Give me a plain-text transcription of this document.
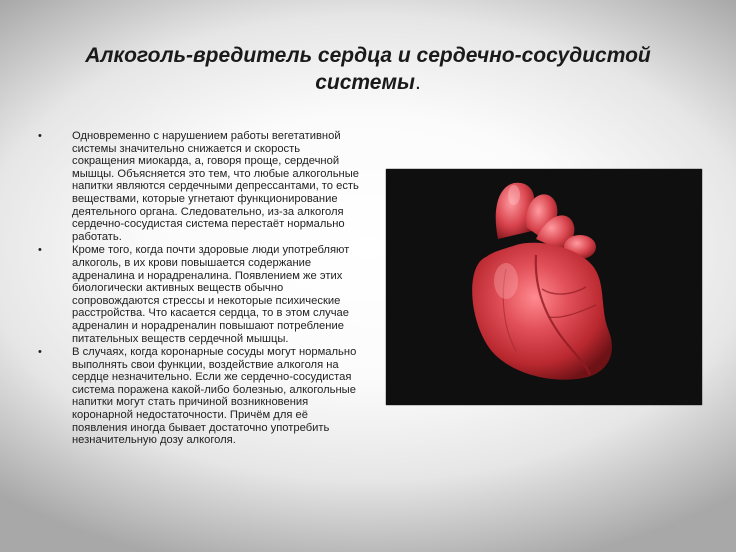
Алкоголь-вредитель сердца и сердечно-сосудистой системы.
•	Одновременно с нарушением работы вегетативной системы значительно снижается и скорость сокращения миокарда, а, говоря проще, сердечной мышцы. Объясняется это тем, что любые алкогольные напитки являются сердечными депрессантами, то есть веществами, которые угнетают функционирование деятельного органа. Следовательно, из-за алкоголя сердечно-сосудистая система перестаёт нормально работать.
•	Кроме того, когда почти здоровые люди употребляют алкоголь, в их крови повышается содержание адреналина и норадреналина. Появлением же этих биологически активных веществ обычно сопровождаются стрессы и некоторые психические расстройства. Что касается сердца, то в этом случае адреналин и норадреналин повышают потребление питательных веществ сердечной мышцы.
•	В случаях, когда коронарные сосуды могут нормально выполнять свои функции, воздействие алкоголя на сердце незначительно. Если же сердечно-сосудистая система поражена какой-либо болезнью, алкогольные напитки могут стать причиной возникновения коронарной недостаточности. Причём для её появления иногда бывает достаточно употребить незначительную дозу алкоголя.
